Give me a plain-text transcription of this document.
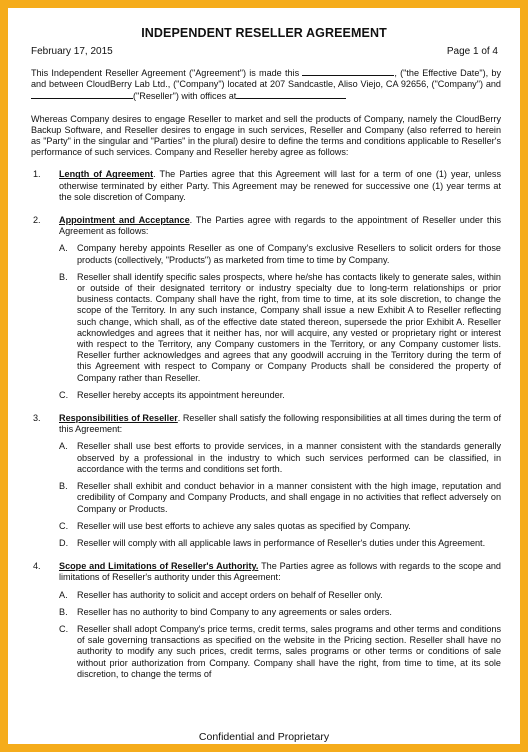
INDEPENDENT RESELLER AGREEMENT
February 17, 2015	Page 1 of 4

This Independent Reseller Agreement ("Agreement") is made this	, ("the Effective Date"), by and between CloudBerry Lab Ltd., ("Company") located at 207 Sandcastle, Aliso Viejo, CA 92656, ("Company") and ("Reseller") with offices at

Whereas Company desires to engage Reseller to market and sell the products of Company, namely the CloudBerry Backup Software, and Reseller desires to engage in such services, Reseller and Company (also referred to herein as "Party" in the singular and "Parties" in the plural) desire to define the terms and conditions applicable to Reseller's performance of such services. Company and Reseller hereby agree as follows:

1.	Length of Agreement. The Parties agree that this Agreement will last for a term of one (1) year, unless otherwise terminated by either Party. This Agreement may be renewed for successive one (1) year terms at the sole discretion of Company.

2.	Appointment and Acceptance. The Parties agree with regards to the appointment of Reseller under this Agreement as follows:

A.	Company hereby appoints Reseller as one of Company's exclusive Resellers to solicit orders for those products (collectively, "Products") as marketed from time to time by Company.
B.	Reseller shall identify specific sales prospects, where he/she has contacts likely to generate sales, within or outside of their designated territory or industry specialty due to long-term relationships or prior business contacts. Company shall have the right, from time to time, at its sole discretion, to change the scope of the Territory. In any such instance, Company shall issue a new Exhibit A to Reseller reflecting such change, which shall, as of the effective date stated thereon, supersede the prior Exhibit A. Reseller acknowledges and agrees that it neither has, nor will acquire, any vested or proprietary right or interest with respect to the Territory, any Company customers in the Territory, or any Company customer lists. Reseller further acknowledges and agrees that any goodwill accruing in the Territory during the term of this Agreement with respect to Company or Company Products shall be considered the property of Company rather than Reseller.
C. Reseller hereby accepts its appointment hereunder.
3.	Responsibilities of Reseller. Reseller shall satisfy the following responsibilities at all times during the term of this Agreement:

A.	Reseller shall use best efforts to provide services, in a manner consistent with the standards generally observed by a professional in the industry to which such services performed can be classified, in accordance with the terms and conditions set forth.
B.	Reseller shall exhibit and conduct behavior in a manner consistent with the high image, reputation and credibility of Company and Company Products, and shall engage in no activities that reflect adversely on Company or Products.
C. Reseller will use best efforts to achieve any sales quotas as specified by Company.
D. Reseller will comply with all applicable laws in performance of Reseller's duties under this Agreement.
4.	Scope and Limitations of Reseller's Authority. The Parties agree as follows with regards to the scope and limitations of Reseller's authority under this Agreement:

A.	Reseller has authority to solicit and accept orders on behalf of Reseller only.
B.	Reseller has no authority to bind Company to any agreements or sales orders.
C. Reseller shall adopt Company's price terms, credit terms, sales programs and other terms and conditions of sale governing transactions as specified on the website in the Pricing section. Reseller shall have no authority to modify any such prices, credit terms, sales programs or other terms or conditions of sale without prior authorization from Company. Company shall have the right, from time to time, at its sole discretion, to change the terms of
Confidential and Proprietary
